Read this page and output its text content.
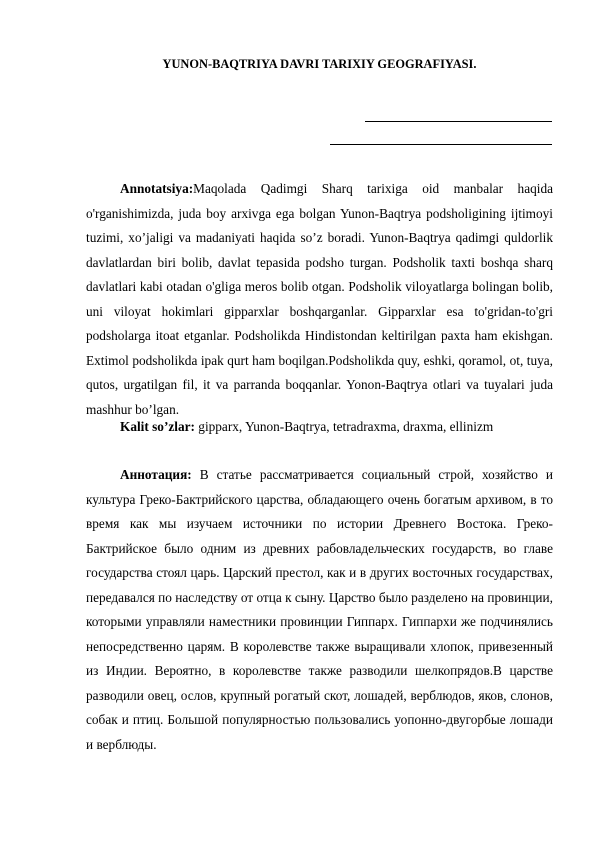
YUNON-BAQTRIYA DAVRI TARIXIY GEOGRAFIYASI.

Annotatsiya:Maqolada Qadimgi Sharq tarixiga oid manbalar haqida o'rganishimizda, juda boy arxivga ega bolgan Yunon-Baqtrya podsholigining ijtimoyi tuzimi, xo’jaligi va madaniyati haqida so’z boradi. Yunon-Baqtrya qadimgi quldorlik davlatlardan biri bolib, davlat tepasida podsho turgan. Podsholik taxti boshqa sharq davlatlari kabi otadan o'gliga meros bolib otgan. Podsholik viloyatlarga bolingan bolib, uni viloyat hokimlari gipparxlar boshqarganlar. Gipparxlar esa to'gridan-to'gri podsholarga itoat etganlar. Podsholikda Hindistondan keltirilgan paxta ham ekishgan. Extimol podsholikda ipak qurt ham boqilgan.Podsholikda quy, eshki, qoramol, ot, tuya, qutos, urgatilgan fil, it va parranda boqqanlar. Yonon-Baqtrya otlari va tuyalari juda mashhur bo’lgan.

Kalit so’zlar: gipparx, Yunon-Baqtrya, tetradraxma, draxma, ellinizm

Аннотация: В статье рассматривается социальный строй, хозяйство и культура Греко-Бактрийского царства, обладающего очень богатым архивом, в то время как мы изучаем источники по истории Древнего Востока. Греко-Бактрийское было одним из древних рабовладельческих государств, во главе государства стоял царь. Царский престол, как и в других восточных государствах, передавался по наследству от отца к сыну. Царство было разделено на провинции, которыми управляли наместники провинции Гиппарх. Гиппархи же подчинялись непосредственно царям. В королевстве также выращивали хлопок, привезенный из Индии. Вероятно, в королевстве также разводили шелкопрядов.В царстве разводили овец, ослов, крупный рогатый скот, лошадей, верблюдов, яков, слонов, собак и птиц. Большой популярностью пользовались уопонно-двугорбые лошади и верблюды.
